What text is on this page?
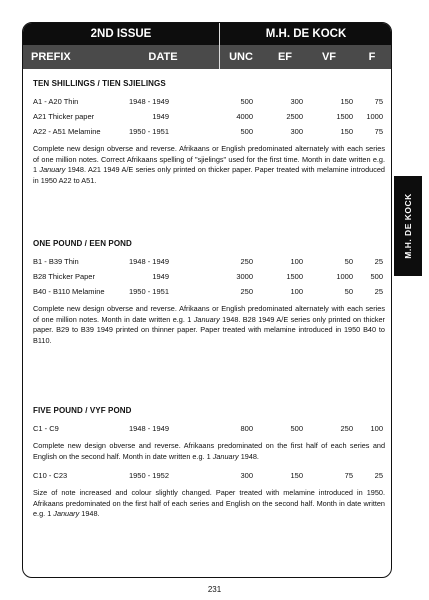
2ND ISSUE	M.H. DE KOCK
PREFIX	DATE	UNC	EF	VF	F
TEN SHILLINGS / TIEN SJIELINGS
A1 - A20 Thin	1948 - 1949	500	300	150	75
A21 Thicker paper	1949	4000	2500	1500	1000
A22 - A51 Melamine	1950 - 1951	500	300	150	75
Complete new design obverse and reverse. Afrikaans or English predominated alternately with each series of one million notes. Correct Afrikaans spelling of "sjielings" used for the first time. Month in date written e.g. 1 January 1948. A21 1949 A/E series only printed on thicker paper. Paper treated with melamine introduced in 1950 A22 to A51.
ONE POUND / EEN POND
B1 - B39 Thin	1948 - 1949	250	100	50	25
B28 Thicker Paper	1949	3000	1500	1000	500
B40 - B110 Melamine	1950 - 1951	250	100	50	25
Complete new design obverse and reverse. Afrikaans or English predominated alternately with each series of one million notes. Month in date written e.g. 1 January 1948. B28 1949 A/E series only printed on thicker paper. B29 to B39 1949 printed on thinner paper. Paper treated with melamine introduced in 1950 B40 to B110.
FIVE POUND / VYF POND
C1 - C9	1948 - 1949	800	500	250	100
Complete new design obverse and reverse. Afrikaans predominated on the first half of each series and English on the second half. Month in date written e.g. 1 January 1948.
C10 - C23	1950 - 1952	300	150	75	25
Size of note increased and colour slightly changed. Paper treated with melamine introduced in 1950. Afrikaans predominated on the first half of each series and English on the second half. Month in date written e.g. 1 January 1948.
M.H. DE KOCK
231
